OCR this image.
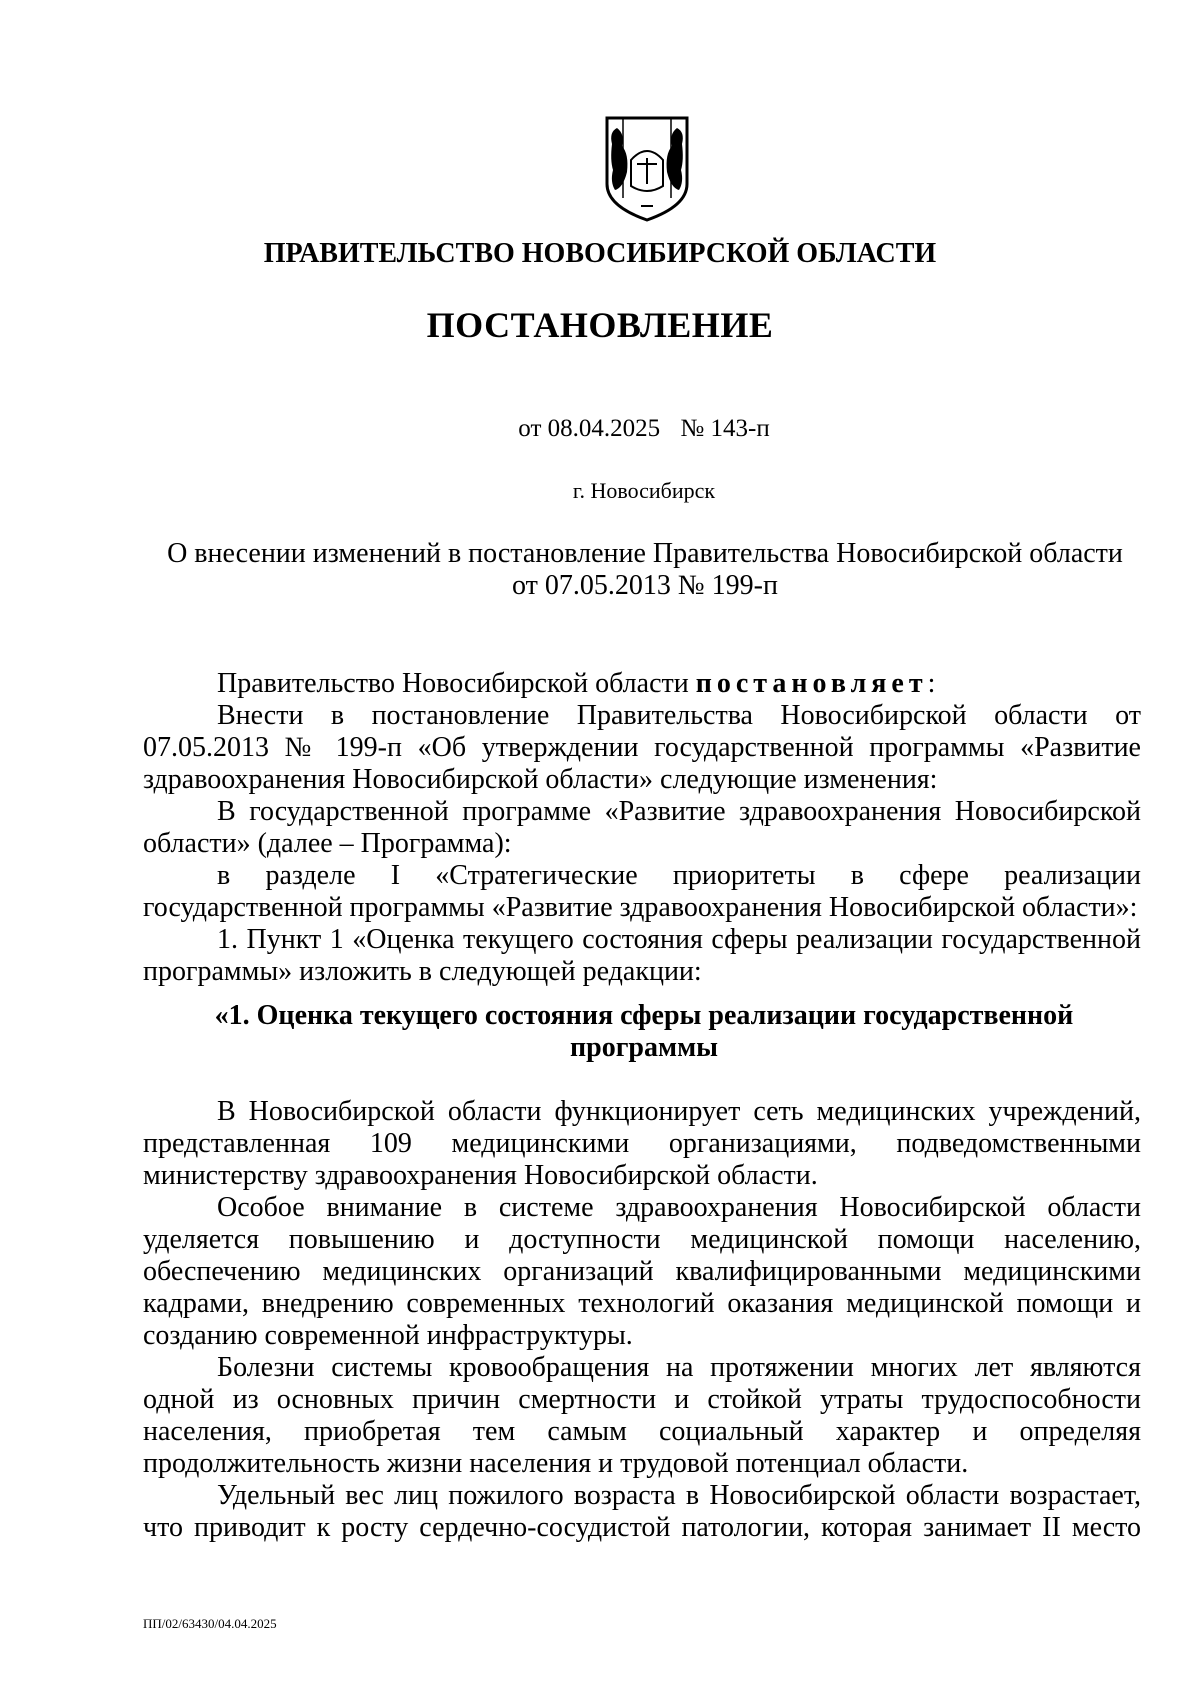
ПРАВИТЕЛЬСТВО НОВОСИБИРСКОЙ ОБЛАСТИ
ПОСТАНОВЛЕНИЕ
от 08.04.2025 № 143-п
г. Новосибирск
О внесении изменений в постановление Правительства Новосибирской области
от 07.05.2013 № 199-п

Правительство Новосибирской области постановляет:

Внести в постановление Правительства Новосибирской области от 07.05.2013 № 199-п «Об утверждении государственной программы «Развитие здравоохранения Новосибирской области» следующие изменения:

В государственной программе «Развитие здравоохранения Новосибирской области» (далее – Программа):

в разделе I «Стратегические приоритеты в сфере реализации государственной программы «Развитие здравоохранения Новосибирской области»:

1. Пункт 1 «Оценка текущего состояния сферы реализации государственной программы» изложить в следующей редакции:

«1. Оценка текущего состояния сферы реализации государственной программы

В Новосибирской области функционирует сеть медицинских учреждений, представленная 109 медицинскими организациями, подведомственными министерству здравоохранения Новосибирской области.

Особое внимание в системе здравоохранения Новосибирской области уделяется повышению и доступности медицинской помощи населению, обеспечению медицинских организаций квалифицированными медицинскими кадрами, внедрению современных технологий оказания медицинской помощи и созданию современной инфраструктуры.

Болезни системы кровообращения на протяжении многих лет являются одной из основных причин смертности и стойкой утраты трудоспособности населения, приобретая тем самым социальный характер и определяя продолжительность жизни населения и трудовой потенциал области.

Удельный вес лиц пожилого возраста в Новосибирской области возрастает, что приводит к росту сердечно-сосудистой патологии, которая занимает II место

ПП/02/63430/04.04.2025
